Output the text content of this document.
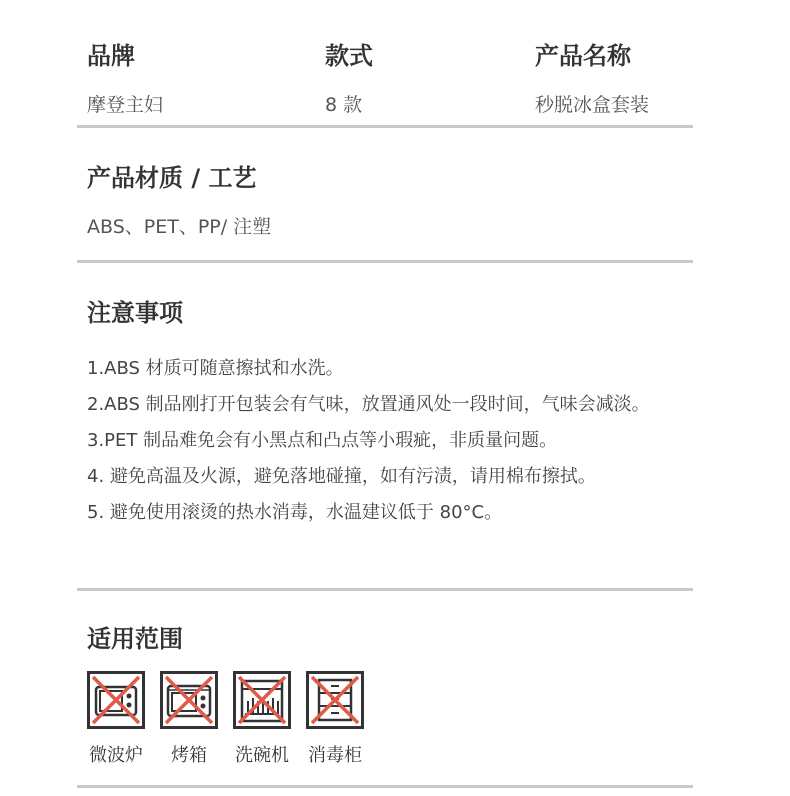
品牌
摩登主妇
款式
8 款
产品名称
秒脱冰盒套装
产品材质 / 工艺
ABS、PET、PP/ 注塑
注意事项
1.ABS 材质可随意擦拭和水洗。
2.ABS 制品刚打开包装会有气味，放置通风处一段时间，气味会减淡。
3.PET 制品难免会有小黑点和凸点等小瑕疵，非质量问题。
4. 避免高温及火源，避免落地碰撞，如有污渍，请用棉布擦拭。
5. 避免使用滚烫的热水消毒，水温建议低于 80°C。
适用范围
微波炉 烤箱 洗碗机 消毒柜
